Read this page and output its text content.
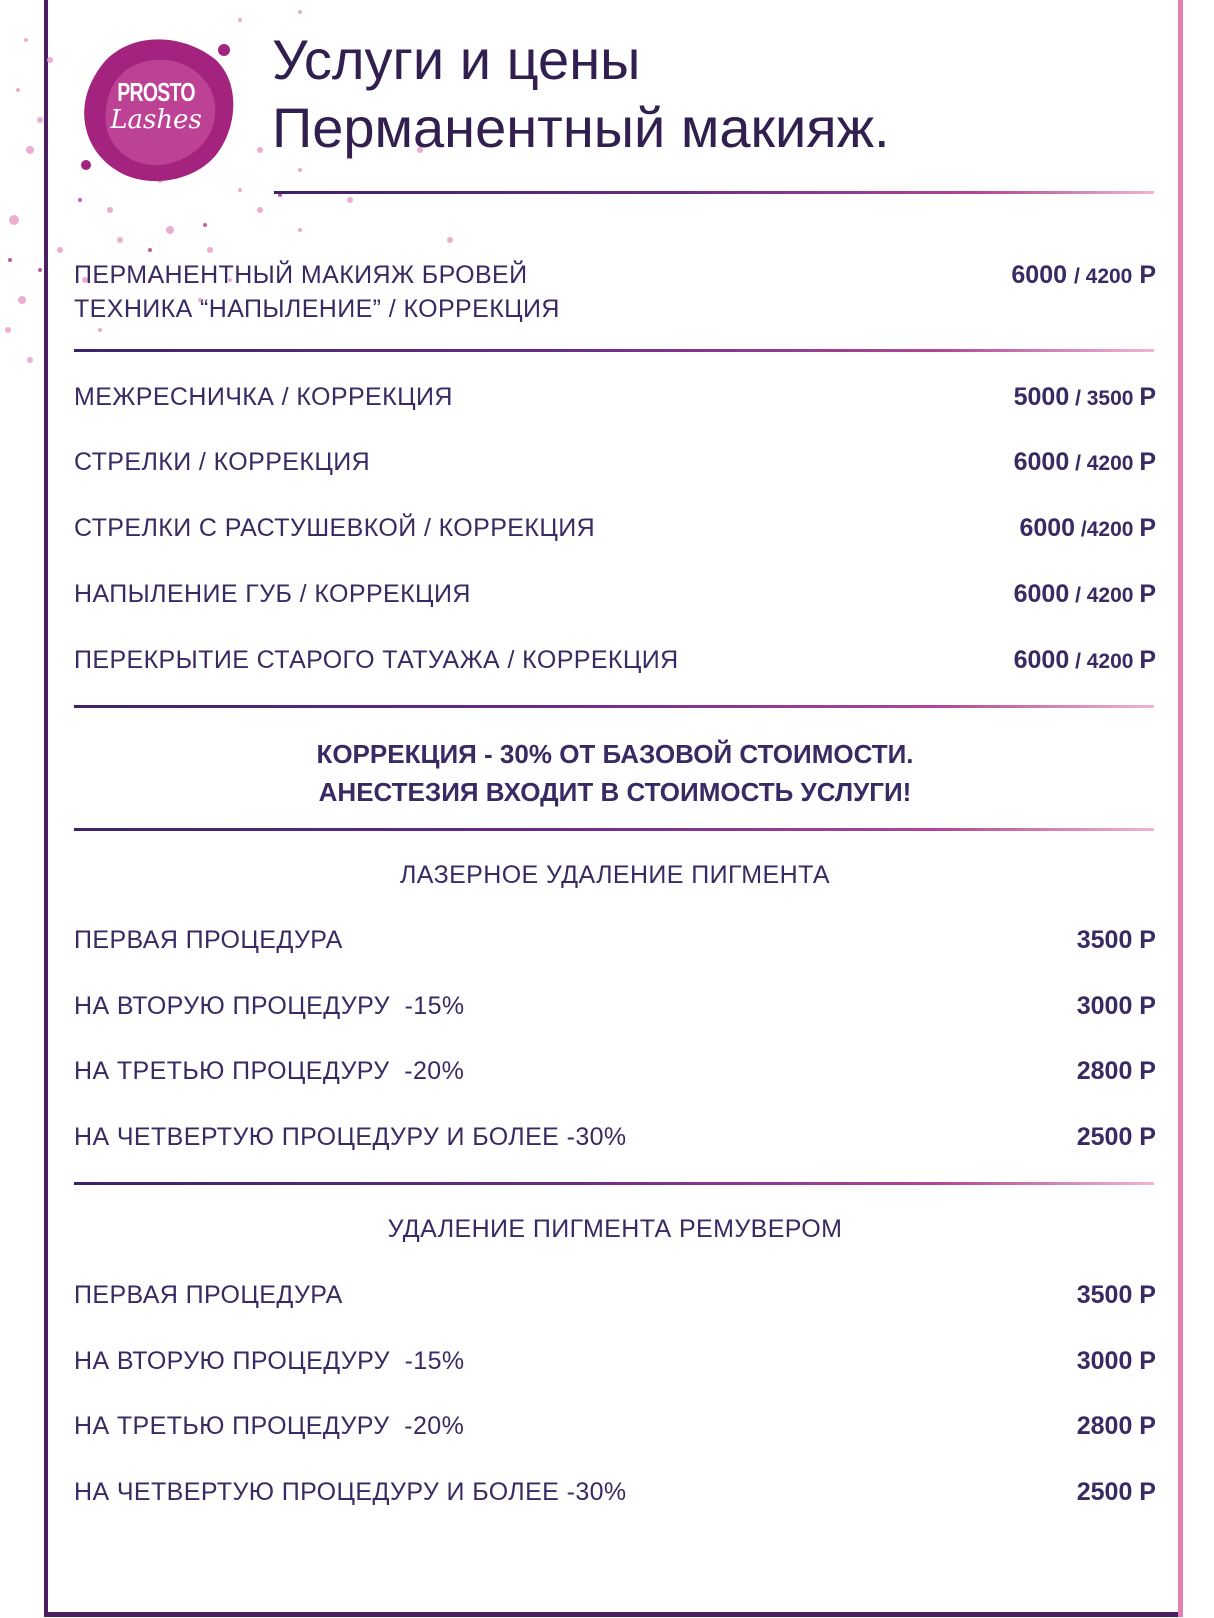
PROSTO
Lashes
Услуги и цены
Перманентный макияж.
ПЕРМАНЕНТНЫЙ МАКИЯЖ БРОВЕЙ
ТЕХНИКА “НАПЫЛЕНИЕ” / КОРРЕКЦИЯ
6000 / 4200 Р
МЕЖРЕСНИЧКА / КОРРЕКЦИЯ	5000 / 3500 Р
СТРЕЛКИ / КОРРЕКЦИЯ	6000 / 4200 Р
СТРЕЛКИ С РАСТУШЕВКОЙ / КОРРЕКЦИЯ	6000 /4200 Р
НАПЫЛЕНИЕ ГУБ / КОРРЕКЦИЯ	6000 / 4200 Р
ПЕРЕКРЫТИЕ СТАРОГО ТАТУАЖА / КОРРЕКЦИЯ	6000 / 4200 Р
КОРРЕКЦИЯ - 30% ОТ БАЗОВОЙ СТОИМОСТИ.
АНЕСТЕЗИЯ ВХОДИТ В СТОИМОСТЬ УСЛУГИ!
ЛАЗЕРНОЕ УДАЛЕНИЕ ПИГМЕНТА
ПЕРВАЯ ПРОЦЕДУРА	3500 Р
НА ВТОРУЮ ПРОЦЕДУРУ  -15%	3000 Р
НА ТРЕТЬЮ ПРОЦЕДУРУ  -20%	2800 Р
НА ЧЕТВЕРТУЮ ПРОЦЕДУРУ И БОЛЕЕ -30%	2500 Р
УДАЛЕНИЕ ПИГМЕНТА РЕМУВЕРОМ
ПЕРВАЯ ПРОЦЕДУРА	3500 Р
НА ВТОРУЮ ПРОЦЕДУРУ  -15%	3000 Р
НА ТРЕТЬЮ ПРОЦЕДУРУ  -20%	2800 Р
НА ЧЕТВЕРТУЮ ПРОЦЕДУРУ И БОЛЕЕ -30%	2500 Р
